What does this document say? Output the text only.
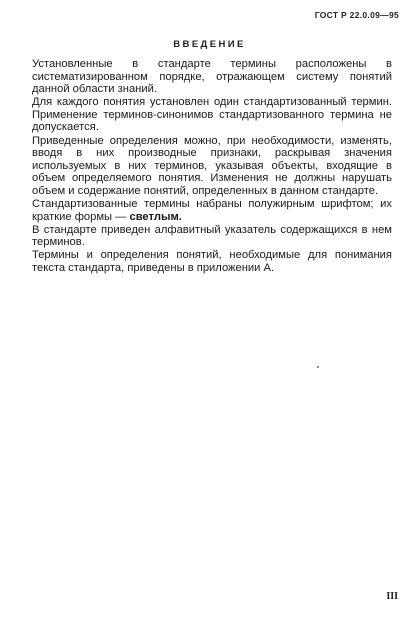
ГОСТ Р 22.0.09—95
ВВЕДЕНИЕ

Установленные в стандарте термины расположены в систематизированном порядке, отражающем систему понятий данной области знаний.

Для каждого понятия установлен один стандартизованный термин. Применение терминов-синонимов стандартизованного термина не допускается.

Приведенные определения можно, при необходимости, изменять, вводя в них производные признаки, раскрывая значения используемых в них терминов, указывая объекты, входящие в объем определяемого понятия. Изменения не должны нарушать объем и содержание понятий, определенных в данном стандарте.

Стандартизованные термины набраны полужирным шрифтом; их краткие формы — светлым.

В стандарте приведен алфавитный указатель содержащихся в нем терминов.

Термины и определения понятий, необходимые для понимания текста стандарта, приведены в приложении А.

III
